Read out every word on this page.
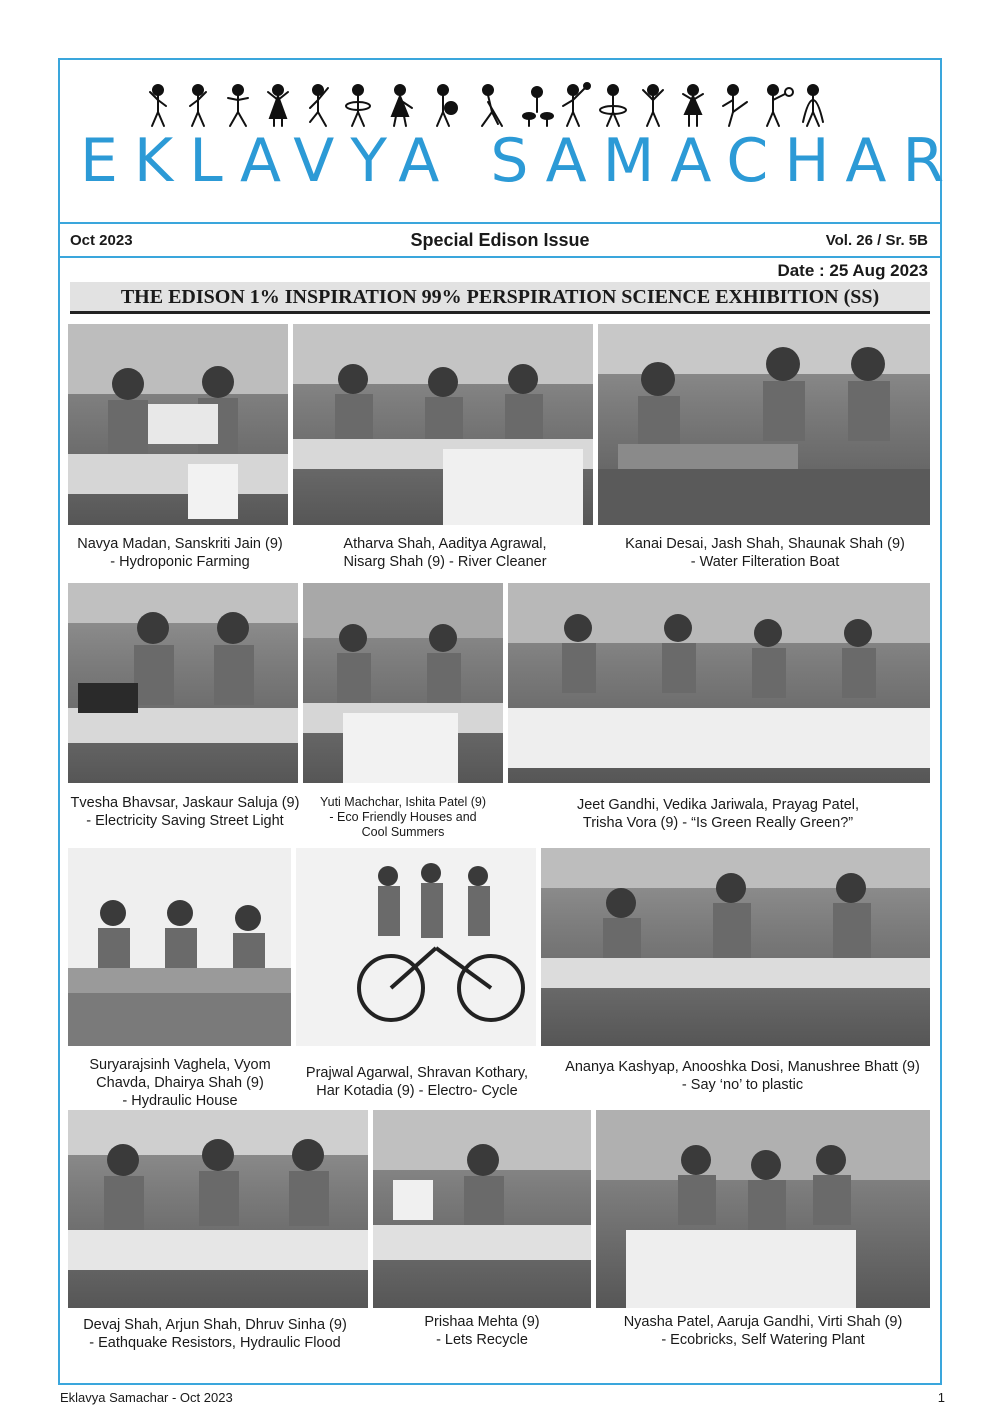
EKLAVYA SAMACHAR
Oct 2023	Special Edison Issue	Vol. 26 / Sr. 5B
Date : 25 Aug 2023
THE EDISON 1% INSPIRATION 99% PERSPIRATION SCIENCE EXHIBITION (SS)
Navya Madan, Sanskriti Jain (9)
- Hydroponic Farming
Atharva Shah, Aaditya Agrawal,
Nisarg Shah (9) - River Cleaner
Kanai Desai, Jash Shah, Shaunak Shah (9)
- Water Filteration Boat
Tvesha Bhavsar, Jaskaur Saluja (9)
- Electricity Saving Street Light
Yuti Machchar, Ishita Patel (9)
- Eco Friendly Houses and
Cool Summers
Jeet Gandhi, Vedika Jariwala, Prayag Patel,
Trisha Vora (9) - “Is Green Really Green?”
Suryarajsinh Vaghela, Vyom
Chavda, Dhairya Shah (9)
- Hydraulic House
Prajwal Agarwal, Shravan Kothary,
Har Kotadia (9) - Electro- Cycle
Ananya Kashyap, Anooshka Dosi, Manushree Bhatt (9)
- Say ‘no’ to plastic
Devaj Shah, Arjun Shah, Dhruv Sinha (9)
- Eathquake Resistors, Hydraulic Flood
Prishaa Mehta (9)
- Lets Recycle
Nyasha Patel, Aaruja Gandhi, Virti Shah (9)
- Ecobricks, Self Watering Plant
Eklavya Samachar - Oct 2023	1
